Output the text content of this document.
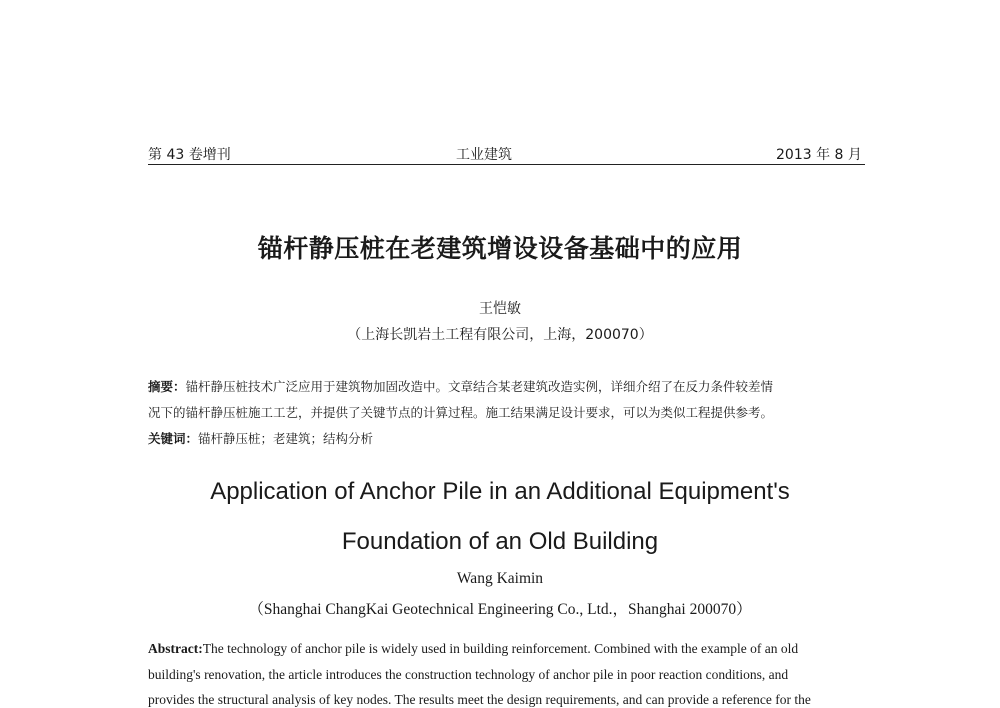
第 43 卷增刊	工业建筑	2013 年 8 月
锚杆静压桩在老建筑增设设备基础中的应用
王恺敏
（上海长凯岩土工程有限公司，上海，200070）
摘要：锚杆静压桩技术广泛应用于建筑物加固改造中。文章结合某老建筑改造实例，详细介绍了在反力条件较差情
况下的锚杆静压桩施工工艺，并提供了关键节点的计算过程。施工结果满足设计要求，可以为类似工程提供参考。
关键词：锚杆静压桩；老建筑；结构分析
Application of Anchor Pile in an Additional Equipment's
Foundation of an Old Building
Wang Kaimin
（Shanghai ChangKai Geotechnical Engineering Co., Ltd.，Shanghai 200070）
Abstract:The technology of anchor pile is widely used in building reinforcement. Combined with the example of an old
building's renovation, the article introduces the construction technology of anchor pile in poor reaction conditions, and
provides the structural analysis of key nodes. The results meet the design requirements, and can provide a reference for the
